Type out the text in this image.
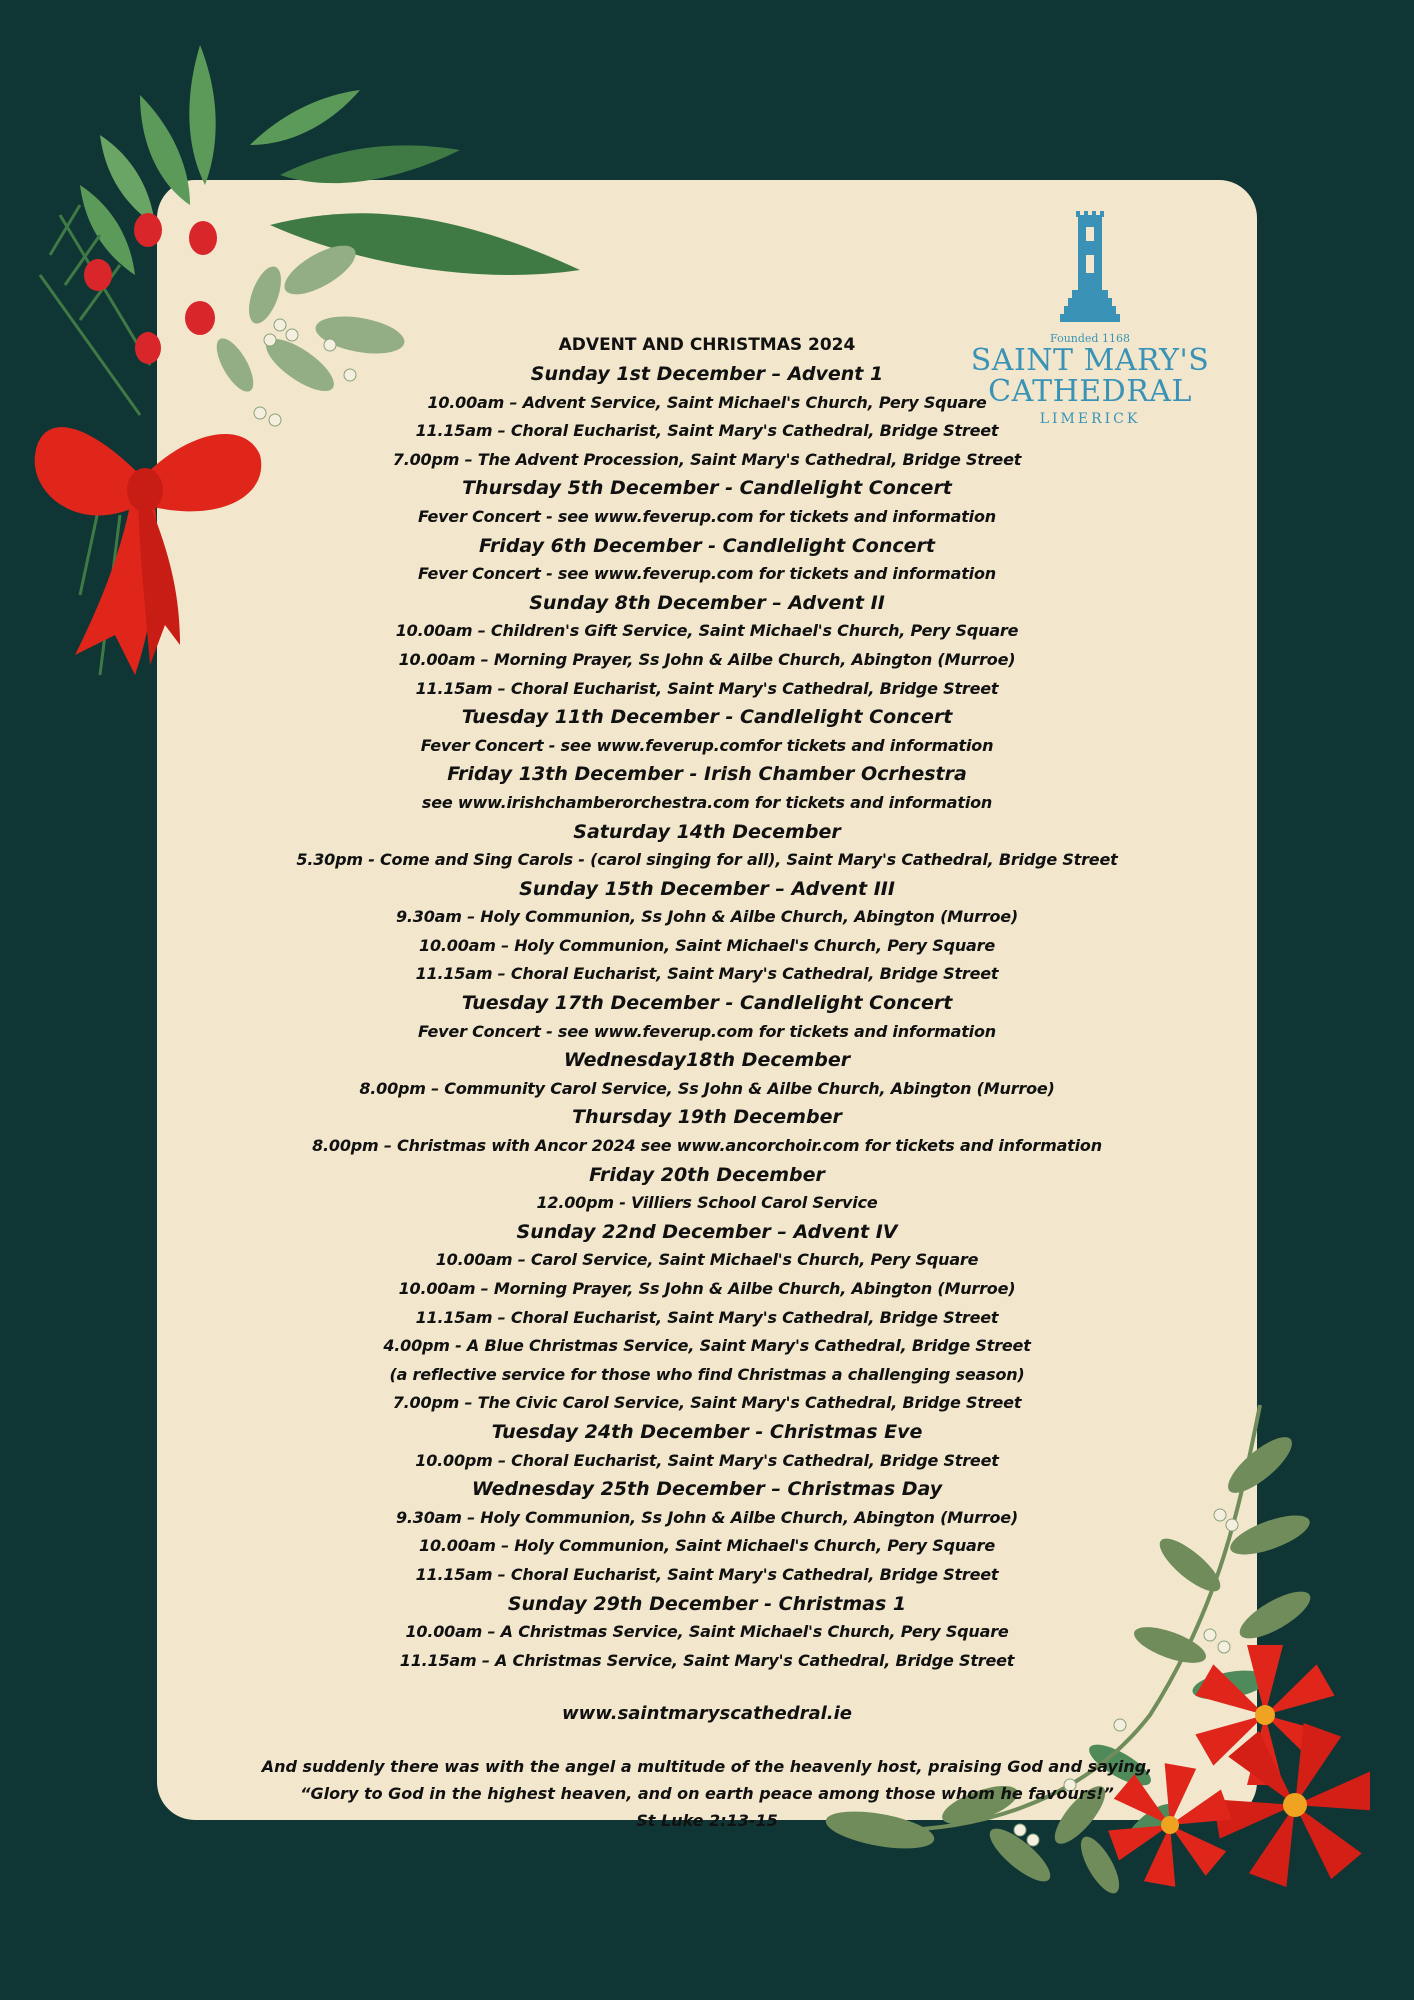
Founded 1168
SAINT MARY'S
CATHEDRAL
LIMERICK
ADVENT AND CHRISTMAS 2024
Sunday 1st December – Advent 1
10.00am – Advent Service, Saint Michael's Church, Pery Square
11.15am – Choral Eucharist, Saint Mary's Cathedral, Bridge Street
7.00pm – The Advent Procession, Saint Mary's Cathedral, Bridge Street
Thursday 5th December - Candlelight Concert
Fever Concert - see www.feverup.com for tickets and information
Friday 6th December - Candlelight Concert
Fever Concert - see www.feverup.com for tickets and information
Sunday 8th December – Advent II
10.00am – Children's Gift Service, Saint Michael's Church, Pery Square
10.00am – Morning Prayer, Ss John & Ailbe Church, Abington (Murroe)
11.15am – Choral Eucharist, Saint Mary's Cathedral, Bridge Street
Tuesday 11th December - Candlelight Concert
Fever Concert - see www.feverup.comfor tickets and information
Friday 13th December - Irish Chamber Ocrhestra
see www.irishchamberorchestra.com for tickets and information
Saturday 14th December
5.30pm - Come and Sing Carols - (carol singing for all), Saint Mary's Cathedral, Bridge Street
Sunday 15th December – Advent III
9.30am – Holy Communion, Ss John & Ailbe Church, Abington (Murroe)
10.00am – Holy Communion, Saint Michael's Church, Pery Square
11.15am – Choral Eucharist, Saint Mary's Cathedral, Bridge Street
Tuesday 17th December - Candlelight Concert
Fever Concert - see www.feverup.com for tickets and information
Wednesday18th December
8.00pm – Community Carol Service, Ss John & Ailbe Church, Abington (Murroe)
Thursday 19th December
8.00pm – Christmas with Ancor 2024 see www.ancorchoir.com for tickets and information
Friday 20th December
12.00pm - Villiers School Carol Service
Sunday 22nd December – Advent IV
10.00am – Carol Service, Saint Michael's Church, Pery Square
10.00am – Morning Prayer, Ss John & Ailbe Church, Abington (Murroe)
11.15am – Choral Eucharist, Saint Mary's Cathedral, Bridge Street
4.00pm - A Blue Christmas Service, Saint Mary's Cathedral, Bridge Street
(a reflective service for those who find Christmas a challenging season)
7.00pm – The Civic Carol Service, Saint Mary's Cathedral, Bridge Street
Tuesday 24th December - Christmas Eve
10.00pm – Choral Eucharist, Saint Mary's Cathedral, Bridge Street
Wednesday 25th December – Christmas Day
9.30am – Holy Communion, Ss John & Ailbe Church, Abington (Murroe)
10.00am – Holy Communion, Saint Michael's Church, Pery Square
11.15am – Choral Eucharist, Saint Mary's Cathedral, Bridge Street
Sunday 29th December - Christmas 1
10.00am – A Christmas Service, Saint Michael's Church, Pery Square
11.15am – A Christmas Service, Saint Mary's Cathedral, Bridge Street
www.saintmaryscathedral.ie
And suddenly there was with the angel a multitude of the heavenly host, praising God and saying,
“Glory to God in the highest heaven, and on earth peace among those whom he favours!”
St Luke 2:13-15
